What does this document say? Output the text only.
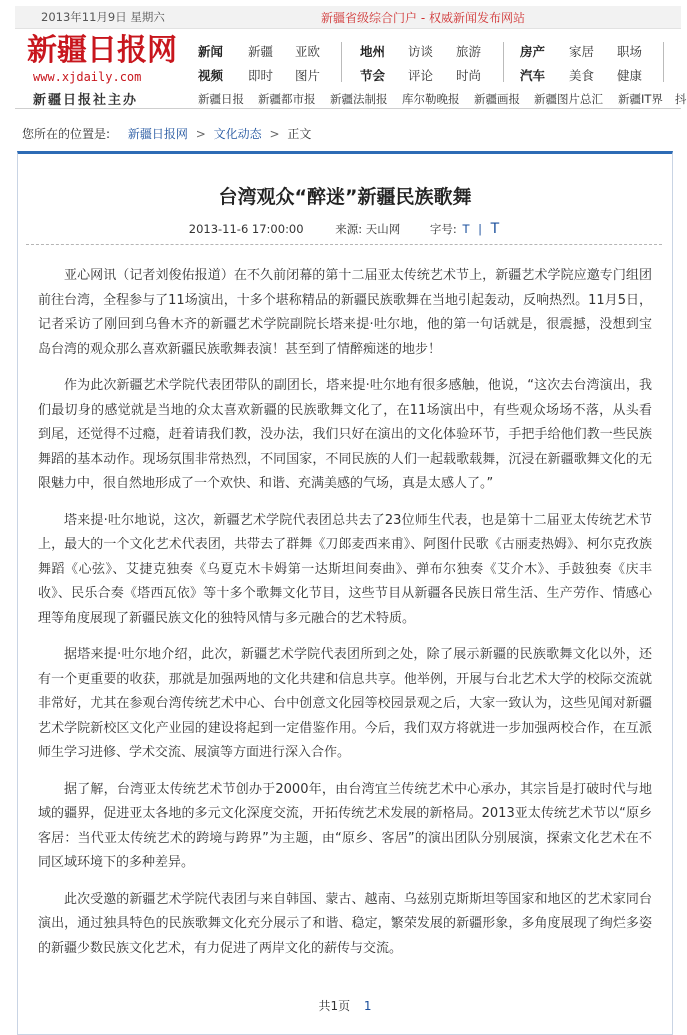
2013年11月9日 星期六	新疆省级综合门户 - 权威新闻发布网站
新疆日报网
www.xjdaily.com
新疆日报社主办
新闻 新疆 亚欧	地州 访谈 旅游	房产 家居 职场
视频 即时 图片	节会 评论 时尚	汽车 美食 健康
新疆日报 新疆都市报 新疆法制报 库尔勒晚报 新疆画报 新疆图片总汇 新疆IT界 抖
您所在的位置是: 新疆日报网 > 文化动态 > 正文
台湾观众“醉迷”新疆民族歌舞
2013-11-6 17:00:00	来源: 天山网	字号: T | T

亚心网讯（记者刘俊佑报道）在不久前闭幕的第十二届亚太传统艺术节上，新疆艺术学院应邀专门组团前往台湾，全程参与了11场演出，十多个堪称精品的新疆民族歌舞在当地引起轰动，反响热烈。11月5日，记者采访了刚回到乌鲁木齐的新疆艺术学院副院长塔来提·吐尔地，他的第一句话就是，很震撼，没想到宝岛台湾的观众那么喜欢新疆民族歌舞表演！甚至到了情醉痴迷的地步！

作为此次新疆艺术学院代表团带队的副团长，塔来提·吐尔地有很多感触，他说，“这次去台湾演出，我们最切身的感觉就是当地的众太喜欢新疆的民族歌舞文化了，在11场演出中，有些观众场场不落，从头看到尾，还觉得不过瘾，赶着请我们教，没办法，我们只好在演出的文化体验环节，手把手给他们教一些民族舞蹈的基本动作。现场氛围非常热烈，不同国家，不同民族的人们一起载歌载舞，沉浸在新疆歌舞文化的无限魅力中，很自然地形成了一个欢快、和谐、充满美感的气场，真是太感人了。”

塔来提·吐尔地说，这次，新疆艺术学院代表团总共去了23位师生代表，也是第十二届亚太传统艺术节上，最大的一个文化艺术代表团，共带去了群舞《刀郎麦西来甫》、阿图什民歌《古丽麦热姆》、柯尔克孜族舞蹈《心弦》、艾捷克独奏《乌夏克木卡姆第一达斯坦间奏曲》、弹布尔独奏《艾介木》、手鼓独奏《庆丰收》、民乐合奏《塔西瓦依》等十多个歌舞文化节目，这些节目从新疆各民族日常生活、生产劳作、情感心理等角度展现了新疆民族文化的独特风情与多元融合的艺术特质。

据塔来提·吐尔地介绍，此次，新疆艺术学院代表团所到之处，除了展示新疆的民族歌舞文化以外，还有一个更重要的收获，那就是加强两地的文化共建和信息共享。他举例，开展与台北艺术大学的校际交流就非常好，尤其在参观台湾传统艺术中心、台中创意文化园等校园景观之后，大家一致认为，这些见闻对新疆艺术学院新校区文化产业园的建设将起到一定借鉴作用。今后，我们双方将就进一步加强两校合作，在互派师生学习进修、学术交流、展演等方面进行深入合作。

据了解，台湾亚太传统艺术节创办于2000年，由台湾宜兰传统艺术中心承办，其宗旨是打破时代与地域的疆界，促进亚太各地的多元文化深度交流，开拓传统艺术发展的新格局。2013亚太传统艺术节以“原乡客居：当代亚太传统艺术的跨境与跨界”为主题，由“原乡、客居”的演出团队分别展演，探索文化艺术在不同区域环境下的多种差异。

此次受邀的新疆艺术学院代表团与来自韩国、蒙古、越南、乌兹别克斯斯坦等国家和地区的艺术家同台演出，通过独具特色的民族歌舞文化充分展示了和谐、稳定，繁荣发展的新疆形象，多角度展现了绚烂多姿的新疆少数民族文化艺术，有力促进了两岸文化的薪传与交流。

共1页 1
